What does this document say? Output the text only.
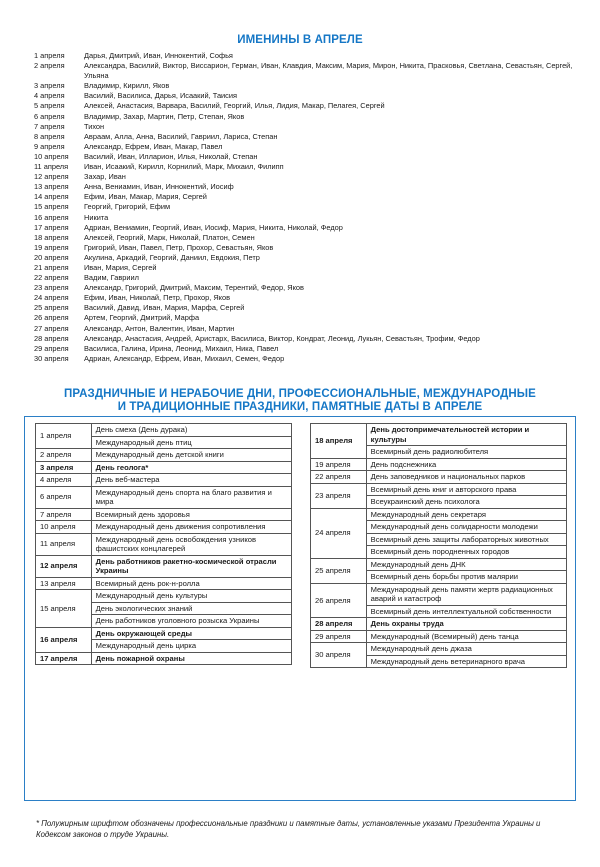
ИМЕНИНЫ В АПРЕЛЕ
1 апреля	Дарья, Дмитрий, Иван, Иннокентий, Софья
2 апреля	Александра, Василий, Виктор, Виссарион, Герман, Иван, Клавдия, Максим, Мария, Мирон, Никита, Прасковья, Светлана, Севастьян, Сергей, Ульяна
3 апреля	Владимир, Кирилл, Яков
4 апреля	Василий, Василиса, Дарья, Исаакий, Таисия
5 апреля	Алексей, Анастасия, Варвара, Василий, Георгий, Илья, Лидия, Макар, Пелагея, Сергей
6 апреля	Владимир, Захар, Мартин, Петр, Степан, Яков
7 апреля	Тихон
8 апреля	Авраам, Алла, Анна, Василий, Гавриил, Лариса, Степан
9 апреля	Александр, Ефрем, Иван, Макар, Павел
10 апреля	Василий, Иван, Илларион, Илья, Николай, Степан
11 апреля	Иван, Исаакий, Кирилл, Корнилий, Марк, Михаил, Филипп
12 апреля	Захар, Иван
13 апреля	Анна, Вениамин, Иван, Иннокентий, Иосиф
14 апреля	Ефим, Иван, Макар, Мария, Сергей
15 апреля	Георгий, Григорий, Ефим
16 апреля	Никита
17 апреля	Адриан, Вениамин, Георгий, Иван, Иосиф, Мария, Никита, Николай, Федор
18 апреля	Алексей, Георгий, Марк, Николай, Платон, Семен
19 апреля	Григорий, Иван, Павел, Петр, Прохор, Севастьян, Яков
20 апреля	Акулина, Аркадий, Георгий, Даниил, Евдокия, Петр
21 апреля	Иван, Мария, Сергей
22 апреля	Вадим, Гавриил
23 апреля	Александр, Григорий, Дмитрий, Максим, Терентий, Федор, Яков
24 апреля	Ефим, Иван, Николай, Петр, Прохор, Яков
25 апреля	Василий, Давид, Иван, Мария, Марфа, Сергей
26 апреля	Артем, Георгий, Дмитрий, Марфа
27 апреля	Александр, Антон, Валентин, Иван, Мартин
28 апреля	Александр, Анастасия, Андрей, Аристарх, Василиса, Виктор, Кондрат, Леонид, Лукьян, Севастьян, Трофим, Федор
29 апреля	Василиса, Галина, Ирина, Леонид, Михаил, Ника, Павел
30 апреля	Адриан, Александр, Ефрем, Иван, Михаил, Семен, Федор
ПРАЗДНИЧНЫЕ И НЕРАБОЧИЕ ДНИ, ПРОФЕССИОНАЛЬНЫЕ, МЕЖДУНАРОДНЫЕ
И ТРАДИЦИОННЫЕ ПРАЗДНИКИ, ПАМЯТНЫЕ ДАТЫ В АПРЕЛЕ
1 апреля	День смеха (День дурака)
	Международный день птиц
2 апреля	Международный день детской книги
3 апреля	День геолога*
4 апреля	День веб-мастера
6 апреля	Международный день спорта на благо развития и мира
7 апреля	Всемирный день здоровья
10 апреля	Международный день движения сопротивления
11 апреля	Международный день освобождения узников фашистских концлагерей
12 апреля	День работников ракетно-космической отрасли Украины
13 апреля	Всемирный день рок-н-ролла
15 апреля	Международный день культуры
	День экологических знаний
	День работников уголовного розыска Украины
16 апреля	День окружающей среды
	Международный день цирка
17 апреля	День пожарной охраны
18 апреля	День достопримечательностей истории и культуры
	Всемирный день радиолюбителя
19 апреля	День подснежника
22 апреля	День заповедников и национальных парков
23 апреля	Всемирный день книг и авторского права
	Всеукраинский день психолога
24 апреля	Международный день секретаря
	Международный день солидарности молодежи
	Всемирный день защиты лабораторных животных
	Всемирный день породненных городов
25 апреля	Международный день ДНК
	Всемирный день борьбы против малярии
26 апреля	Международный день памяти жертв радиационных аварий и катастроф
	Всемирный день интеллектуальной собственности
28 апреля	День охраны труда
29 апреля	Международный (Всемирный) день танца
30 апреля	Международный день джаза
	Международный день ветеринарного врача
* Полужирным шрифтом обозначены профессиональные праздники и памятные даты, установленные указами Президента Украины и Кодексом законов о труде Украины.
